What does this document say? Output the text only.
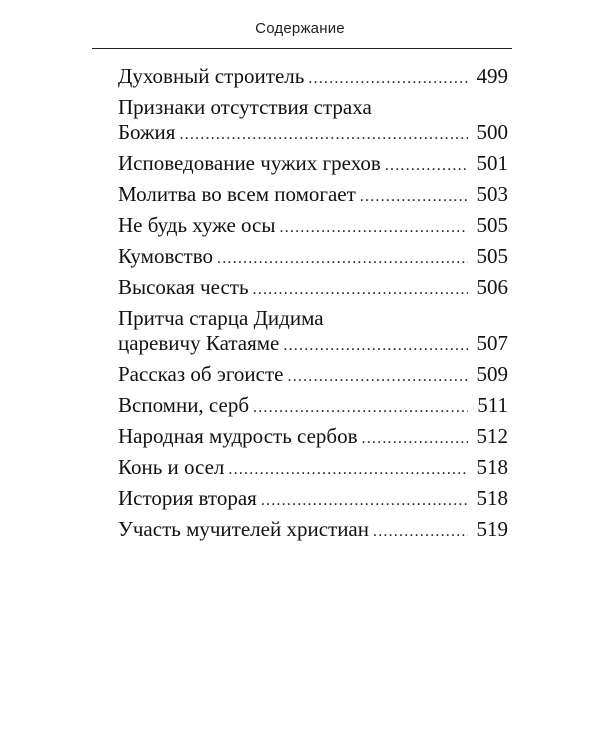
Содержание
Духовный строитель .....	499
Признаки отсутствия страха
Божия .....	500
Исповедование чужих грехов .....	501
Молитва во всем помогает .....	503
Не будь хуже осы .....	505
Кумовство .....	505
Высокая честь .....	506
Притча старца Дидима
царевичу Катаяме .....	507
Рассказ об эгоисте .....	509
Вспомни, серб .....	511
Народная мудрость сербов .....	512
Конь и осел .....	518
История вторая .....	518
Участь мучителей христиан .....	519
